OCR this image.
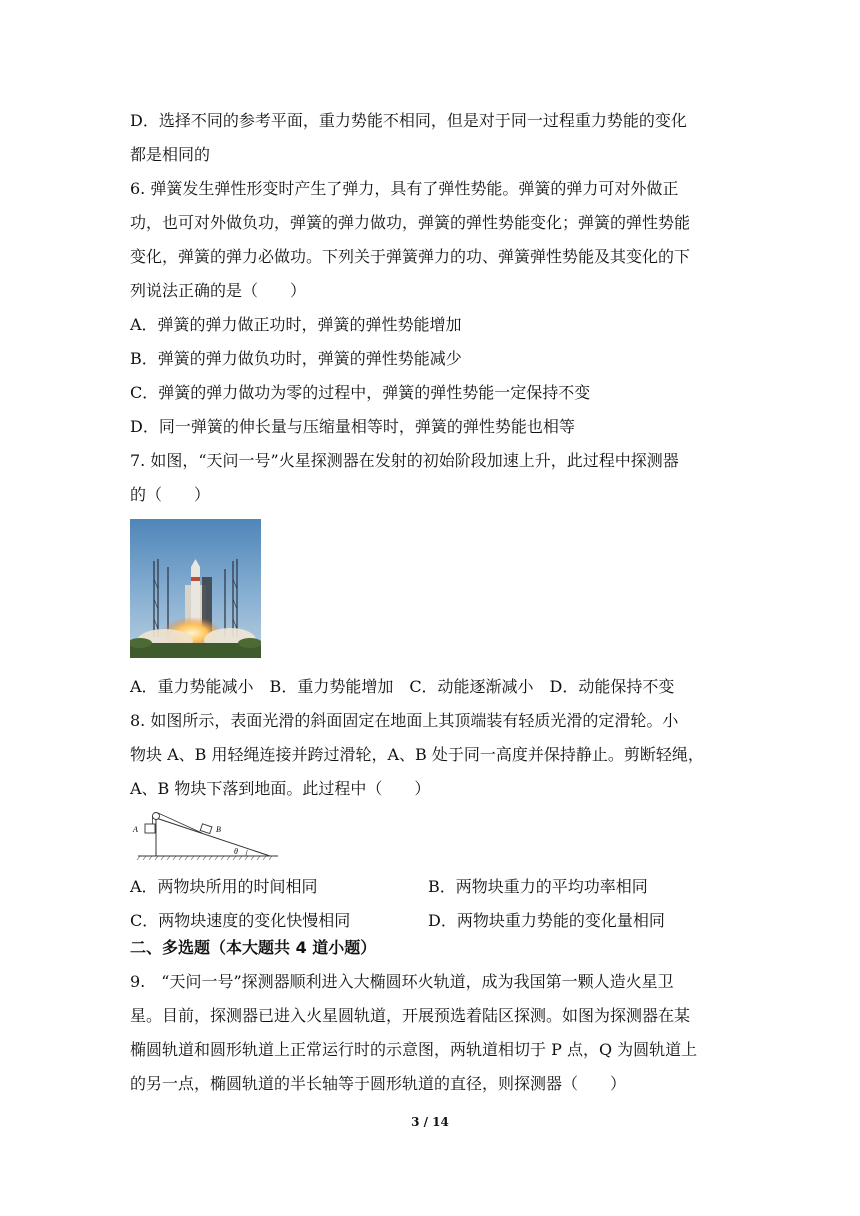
D．选择不同的参考平面，重力势能不相同，但是对于同一过程重力势能的变化
都是相同的
6. 弹簧发生弹性形变时产生了弹力，具有了弹性势能。弹簧的弹力可对外做正
功，也可对外做负功，弹簧的弹力做功，弹簧的弹性势能变化；弹簧的弹性势能
变化，弹簧的弹力必做功。下列关于弹簧弹力的功、弹簧弹性势能及其变化的下
列说法正确的是（　　）
A．弹簧的弹力做正功时，弹簧的弹性势能增加
B．弹簧的弹力做负功时，弹簧的弹性势能减少
C．弹簧的弹力做功为零的过程中，弹簧的弹性势能一定保持不变
D．同一弹簧的伸长量与压缩量相等时，弹簧的弹性势能也相等
7. 如图，“天问一号”火星探测器在发射的初始阶段加速上升，此过程中探测器
的（　　）
A．重力势能减小　B．重力势能增加　C．动能逐渐减小　D．动能保持不变
8. 如图所示，表面光滑的斜面固定在地面上其顶端装有轻质光滑的定滑轮。小
物块 A、B 用轻绳连接并跨过滑轮，A、B 处于同一高度并保持静止。剪断轻绳，
A、B 物块下落到地面。此过程中（　　）
A	B
θ
A．两物块所用的时间相同	B．两物块重力的平均功率相同
C．两物块速度的变化快慢相同	D．两物块重力势能的变化量相同
二、多选题（本大题共 4 道小题）
9.　“天问一号”探测器顺利进入大椭圆环火轨道，成为我国第一颗人造火星卫
星。目前，探测器已进入火星圆轨道，开展预选着陆区探测。如图为探测器在某
椭圆轨道和圆形轨道上正常运行时的示意图，两轨道相切于 P 点，Q 为圆轨道上
的另一点，椭圆轨道的半长轴等于圆形轨道的直径，则探测器（　　）
3 / 14
